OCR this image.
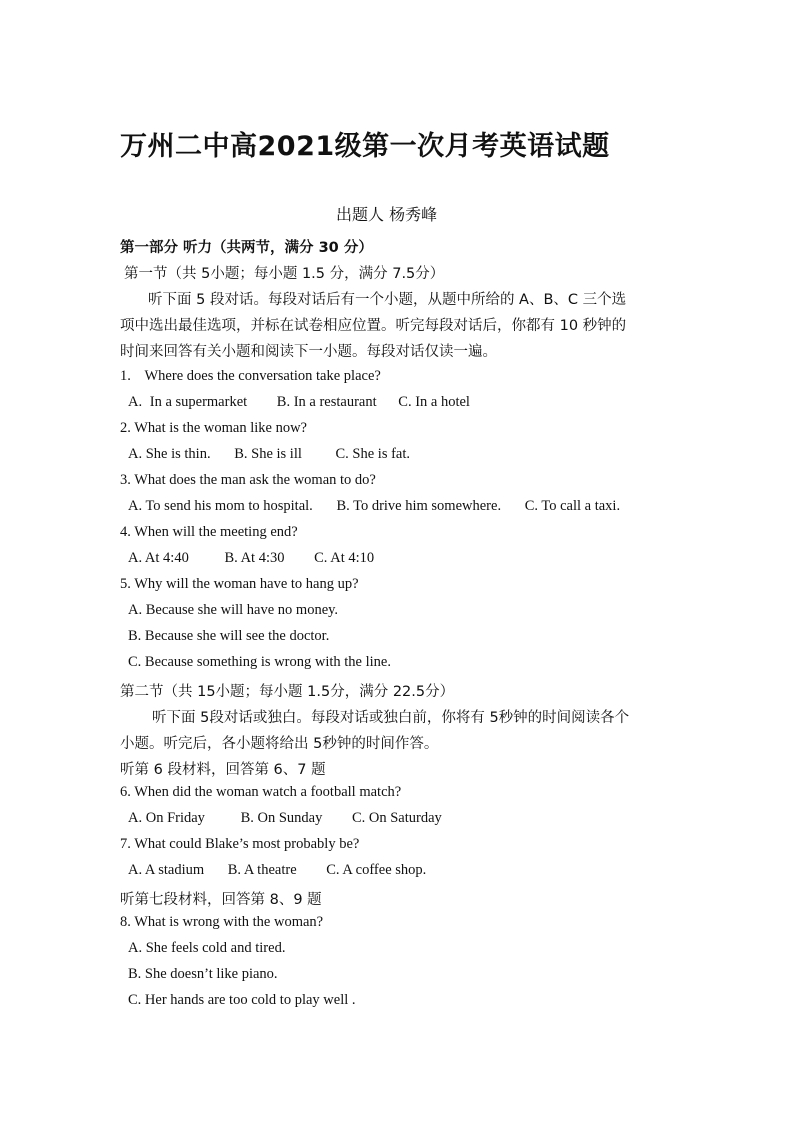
万州二中高2021级第一次月考英语试题
出题人 杨秀峰
第一部分 听力（共两节，满分 30 分）
第一节（共 5小题；每小题 1.5 分，满分 7.5分）
听下面 5 段对话。每段对话后有一个小题，从题中所给的 A、B、C 三个选
项中选出最佳选项，并标在试卷相应位置。听完每段对话后，你都有 10 秒钟的
时间来回答有关小题和阅读下一小题。每段对话仅读一遍。
1. Where does the conversation take place?
A. In a supermarket B. In a restaurant C. In a hotel
2. What is the woman like now?
A. She is thin. B. She is ill C. She is fat.
3. What does the man ask the woman to do?
A. To send his mom to hospital. B. To drive him somewhere. C. To call a taxi.
4. When will the meeting end?
A. At 4:40 B. At 4:30 C. At 4:10
5. Why will the woman have to hang up?
A. Because she will have no money.
B. Because she will see the doctor.
C. Because something is wrong with the line.
第二节（共 15小题；每小题 1.5分，满分 22.5分）
听下面 5段对话或独白。每段对话或独白前，你将有 5秒钟的时间阅读各个
小题。听完后，各小题将给出 5秒钟的时间作答。
听第 6 段材料，回答第 6、7 题
6. When did the woman watch a football match?
A. On Friday B. On Sunday C. On Saturday
7. What could Blake’s most probably be?
A. A stadium B. A theatre C. A coffee shop.
听第七段材料，回答第 8、9 题
8. What is wrong with the woman?
A. She feels cold and tired.
B. She doesn’t like piano.
C. Her hands are too cold to play well .
